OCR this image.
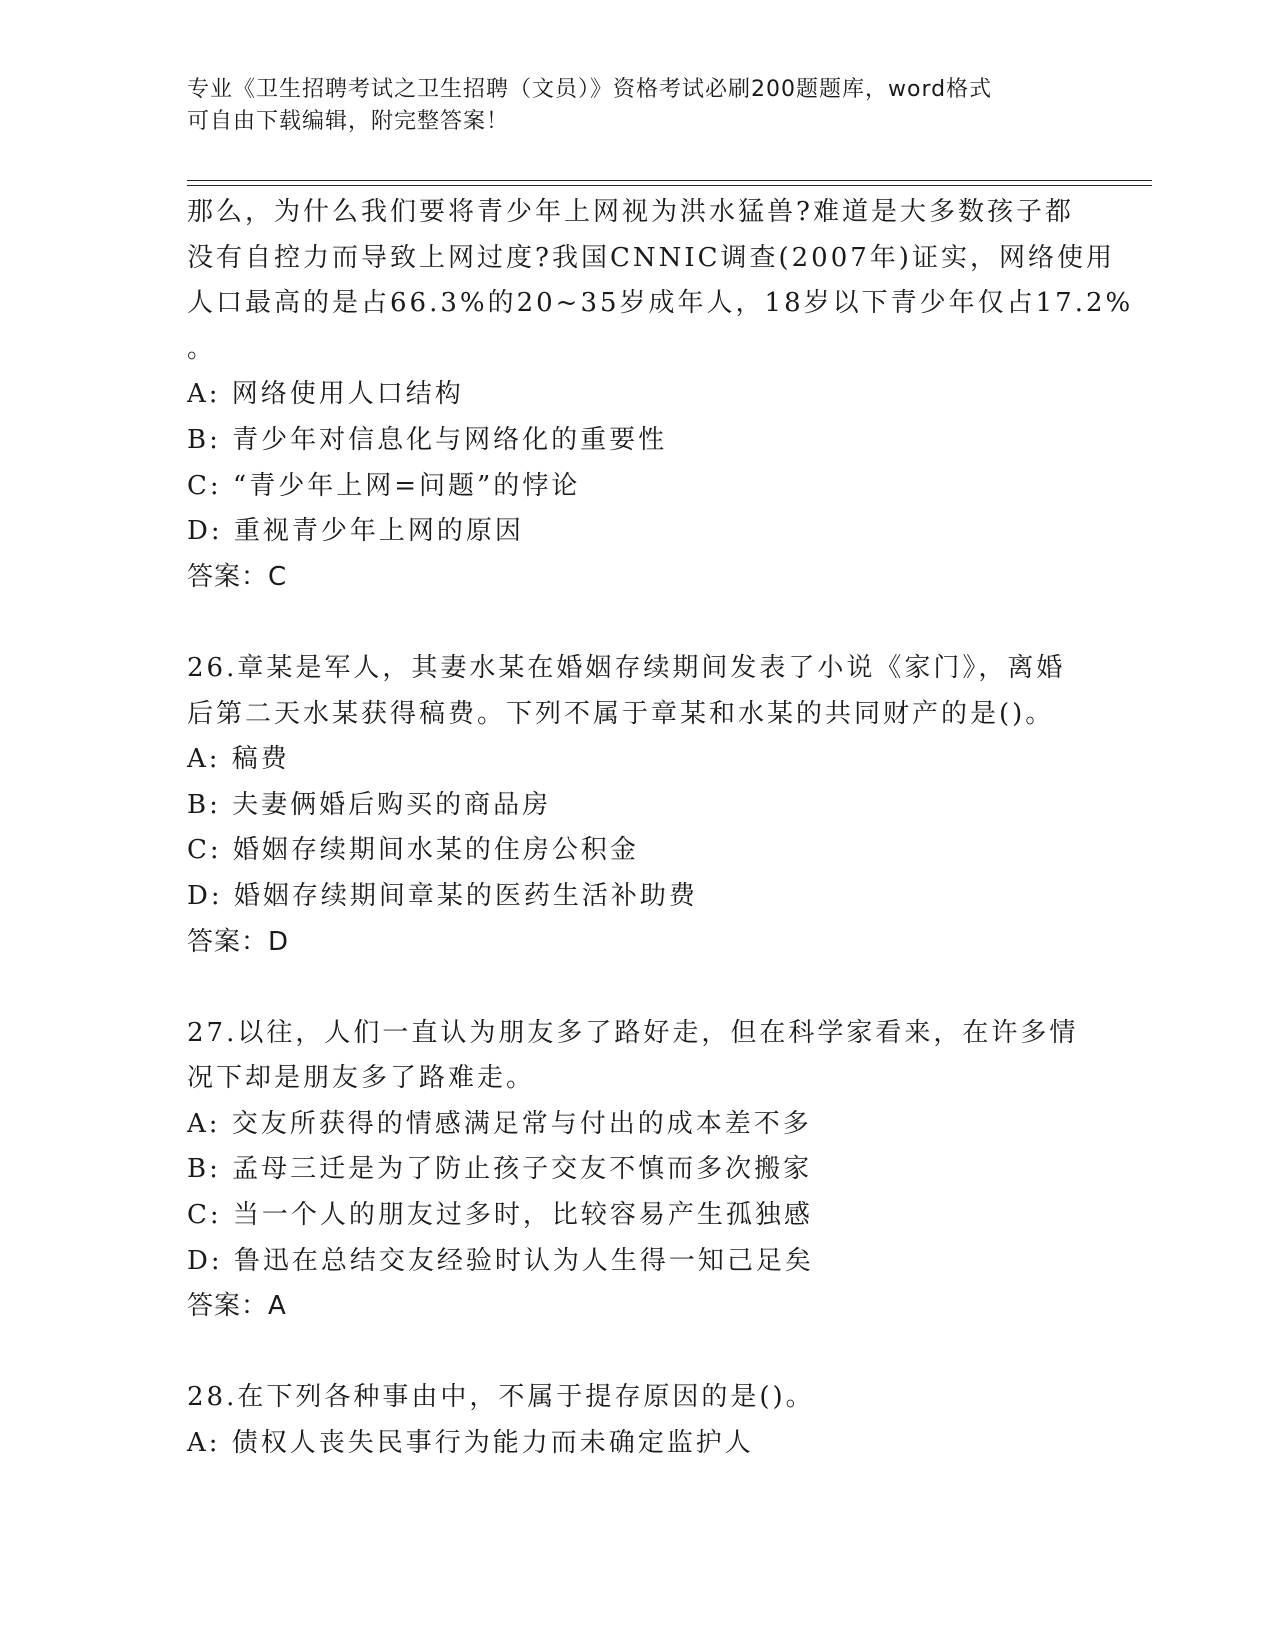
专业《卫生招聘考试之卫生招聘（文员）》资格考试必刷200题题库，word格式
可自由下载编辑，附完整答案！
那么，为什么我们要将青少年上网视为洪水猛兽?难道是大多数孩子都
没有自控力而导致上网过度?我国CNNIC调查(2007年)证实，网络使用
人口最高的是占66.3%的20~35岁成年人，18岁以下青少年仅占17.2%
。
A: 网络使用人口结构
B: 青少年对信息化与网络化的重要性
C: “青少年上网=问题”的悖论
D: 重视青少年上网的原因
答案：C
26.章某是军人，其妻水某在婚姻存续期间发表了小说《家门》，离婚
后第二天水某获得稿费。下列不属于章某和水某的共同财产的是()。
A: 稿费
B: 夫妻俩婚后购买的商品房
C: 婚姻存续期间水某的住房公积金
D: 婚姻存续期间章某的医药生活补助费
答案：D
27.以往，人们一直认为朋友多了路好走，但在科学家看来，在许多情
况下却是朋友多了路难走。
A: 交友所获得的情感满足常与付出的成本差不多
B: 孟母三迁是为了防止孩子交友不慎而多次搬家
C: 当一个人的朋友过多时，比较容易产生孤独感
D: 鲁迅在总结交友经验时认为人生得一知己足矣
答案：A
28.在下列各种事由中，不属于提存原因的是()。
A: 债权人丧失民事行为能力而未确定监护人
